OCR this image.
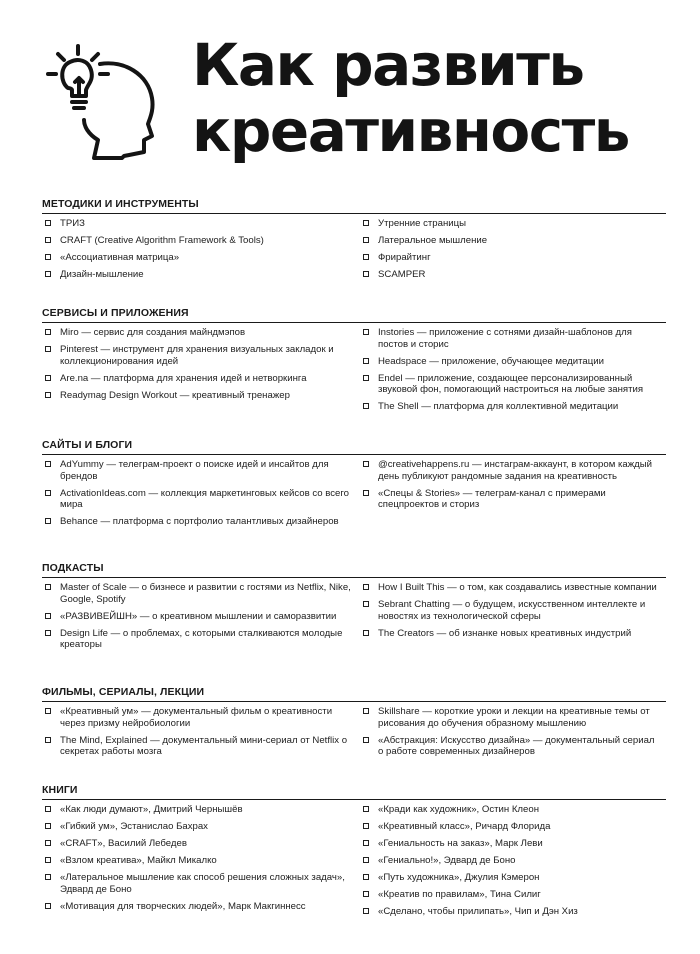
Как развить
креативность
МЕТОДИКИ И ИНСТРУМЕНТЫ
ТРИЗ
CRAFT (Creative Algorithm Framework & Tools)
«Ассоциативная матрица»
Дизайн-мышление
Утренние страницы
Латеральное мышление
Фрирайтинг
SCAMPER
СЕРВИСЫ И ПРИЛОЖЕНИЯ
Miro — сервис для создания майндмэпов
Pinterest — инструмент для хранения визуальных закладок и коллекционирования идей
Are.na — платформа для хранения идей и нетворкинга
Readymag Design Workout — креативный тренажер
Instories — приложение с сотнями дизайн-шаблонов для постов и сторис
Headspace — приложение, обучающее медитации
Endel — приложение, создающее персонализированный звуковой фон, помогающий настроиться на любые занятия
The Shell — платформа для коллективной медитации
САЙТЫ И БЛОГИ
AdYummy — телеграм-проект о поиске идей и инсайтов для брендов
ActivationIdeas.com — коллекция маркетинговых кейсов со всего мира
Behance — платформа с портфолио талантливых дизайнеров
@creativehappens.ru — инстаграм-аккаунт, в котором каждый день публикуют рандомные задания на креативность
«Спецы & Stories» — телеграм-канал с примерами спецпроектов и сториз
ПОДКАСТЫ
Master of Scale — о бизнесе и развитии с гостями из Netflix, Nike, Google, Spotify
«РАЗВИВЕЙШН» — о креативном мышлении и саморазвитии
Design Life — о проблемах, с которыми сталкиваются молодые креаторы
How I Built This — о том, как создавались известные компании
Sebrant Chatting — о будущем, искусственном интеллекте и новостях из технологической сферы
The Creators — об изнанке новых креативных индустрий
ФИЛЬМЫ, СЕРИАЛЫ, ЛЕКЦИИ
«Креативный ум» — документальный фильм о креативности через призму нейробиологии
The Mind, Explained — документальный мини-сериал от Netflix о секретах работы мозга
Skillshare — короткие уроки и лекции на креативные темы от рисования до обучения образному мышлению
«Абстракция: Искусство дизайна» — документальный сериал о работе современных дизайнеров
КНИГИ
«Как люди думают», Дмитрий Чернышёв
«Гибкий ум», Эстанислао Бахрах
«CRAFT», Василий Лебедев
«Взлом креатива», Майкл Микалко
«Латеральное мышление как способ решения сложных задач», Эдвард де Боно
«Мотивация для творческих людей», Марк Макгиннесс
«Кради как художник», Остин Клеон
«Креативный класс», Ричард Флорида
«Гениальность на заказ», Марк Леви
«Гениально!», Эдвард де Боно
«Путь художника», Джулия Кэмерон
«Креатив по правилам», Тина Силиг
«Сделано, чтобы прилипать», Чип и Дэн Хиз
